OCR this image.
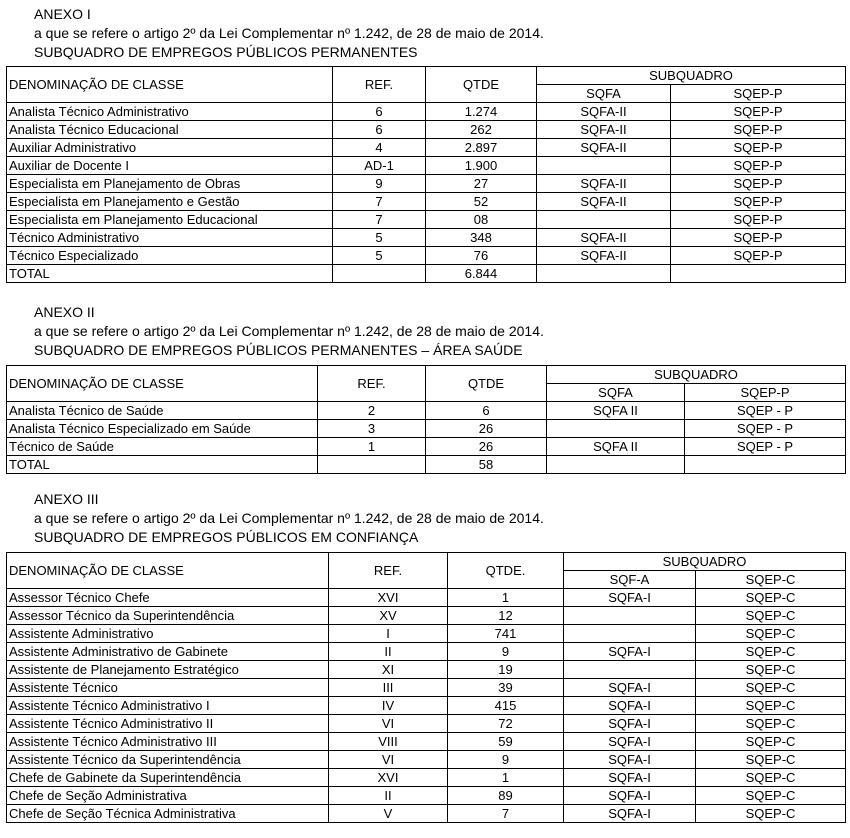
ANEXO I
a que se refere o artigo 2º da Lei Complementar nº 1.242, de 28 de maio de 2014.
SUBQUADRO DE EMPREGOS PÚBLICOS PERMANENTES
DENOMINAÇÃO DE CLASSE	REF.	QTDE	SUBQUADRO	
			SQFA	SQEP-P
Analista Técnico Administrativo	6	1.274	SQFA-II	SQEP-P
Analista Técnico Educacional	6	262	SQFA-II	SQEP-P
Auxiliar Administrativo	4	2.897	SQFA-II	SQEP-P
Auxiliar de Docente I	AD-1	1.900		SQEP-P
Especialista em Planejamento de Obras	9	27	SQFA-II	SQEP-P
Especialista em Planejamento e Gestão	7	52	SQFA-II	SQEP-P
Especialista em Planejamento Educacional	7	08		SQEP-P
Técnico Administrativo	5	348	SQFA-II	SQEP-P
Técnico Especializado	5	76	SQFA-II	SQEP-P
TOTAL		6.844		
ANEXO II
a que se refere o artigo 2º da Lei Complementar nº 1.242, de 28 de maio de 2014.
SUBQUADRO DE EMPREGOS PÚBLICOS PERMANENTES – ÁREA SAÚDE
DENOMINAÇÃO DE CLASSE	REF.	QTDE	SUBQUADRO	
			SQFA	SQEP-P
Analista Técnico de Saúde	2	6	SQFA II	SQEP - P
Analista Técnico Especializado em Saúde	3	26		SQEP - P
Técnico de Saúde	1	26	SQFA II	SQEP - P
TOTAL		58		
ANEXO III
a que se refere o artigo 2º da Lei Complementar nº 1.242, de 28 de maio de 2014.
SUBQUADRO DE EMPREGOS PÚBLICOS EM CONFIANÇA
DENOMINAÇÃO DE CLASSE	REF.	QTDE.	SUBQUADRO	
			SQF-A	SQEP-C
Assessor Técnico Chefe	XVI	1	SQFA-I	SQEP-C
Assessor Técnico da Superintendência	XV	12		SQEP-C
Assistente Administrativo	I	741		SQEP-C
Assistente Administrativo de Gabinete	II	9	SQFA-I	SQEP-C
Assistente de Planejamento Estratégico	XI	19		SQEP-C
Assistente Técnico	III	39	SQFA-I	SQEP-C
Assistente Técnico Administrativo I	IV	415	SQFA-I	SQEP-C
Assistente Técnico Administrativo II	VI	72	SQFA-I	SQEP-C
Assistente Técnico Administrativo III	VIII	59	SQFA-I	SQEP-C
Assistente Técnico da Superintendência	VI	9	SQFA-I	SQEP-C
Chefe de Gabinete da Superintendência	XVI	1	SQFA-I	SQEP-C
Chefe de Seção Administrativa	II	89	SQFA-I	SQEP-C
Chefe de Seção Técnica Administrativa	V	7	SQFA-I	SQEP-C
